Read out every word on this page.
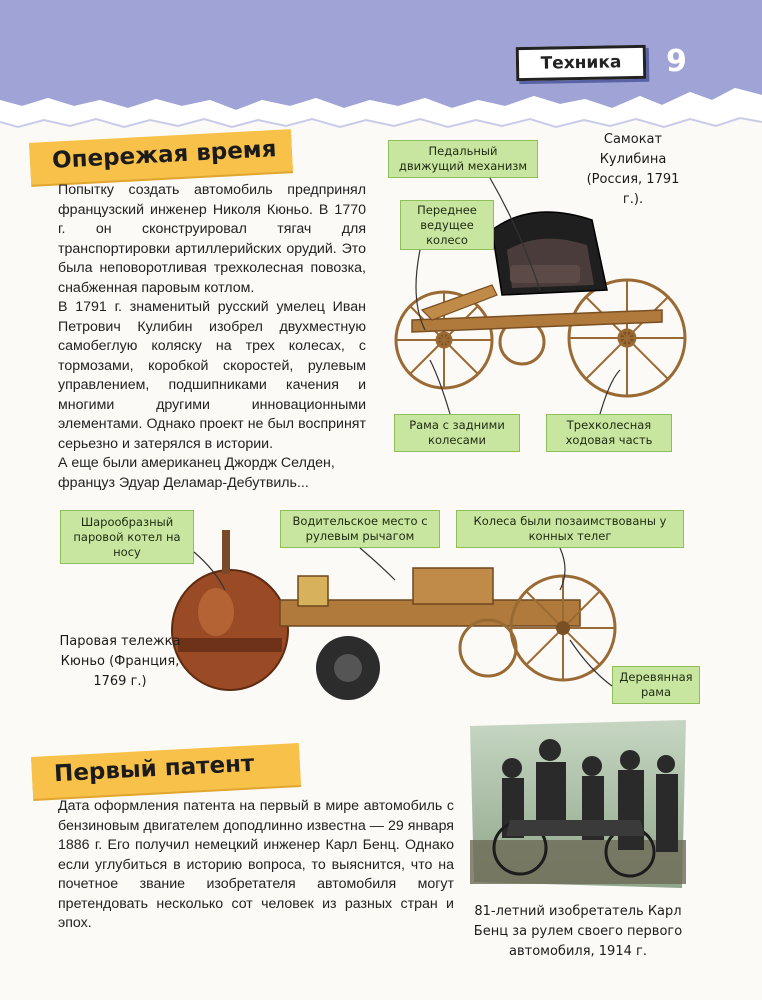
Техника 9
Опережая время

Попытку создать автомобиль предпринял французский инженер Николя Кюньо. В 1770 г. он сконструировал тягач для транспортировки артиллерийских орудий. Это была неповоротливая трехколесная повозка, снабженная паровым котлом.

В 1791 г. знаменитый русский умелец Иван Петрович Кулибин изобрел двухместную самобеглую коляску на трех колесах, с тормозами, коробкой скоростей, рулевым управлением, подшипниками качения и многими другими инновационными элементами. Однако проект не был воспринят серьезно и затерялся в истории.

А еще были американец Джордж Селден, француз Эдуар Деламар-Дебутвиль...

Самокат Кулибина (Россия, 1791 г.).
Педальный движущий механизм
Переднее ведущее колесо
Рама с задними колесами
Трехколесная ходовая часть
Шарообразный паровой котел на носу
Водительское место с рулевым рычагом
Колеса были позаимствованы у конных телег
Деревянная рама
Паровая тележка Кюньо (Франция, 1769 г.)
Первый патент

Дата оформления патента на первый в мире автомобиль с бензиновым двигателем доподлинно известна — 29 января 1886 г. Его получил немецкий инженер Карл Бенц. Однако если углубиться в историю вопроса, то выяснится, что на почетное звание изобретателя автомобиля могут претендовать несколько сот человек из разных стран и эпох.

81-летний изобретатель Карл Бенц за рулем своего первого автомобиля, 1914 г.
